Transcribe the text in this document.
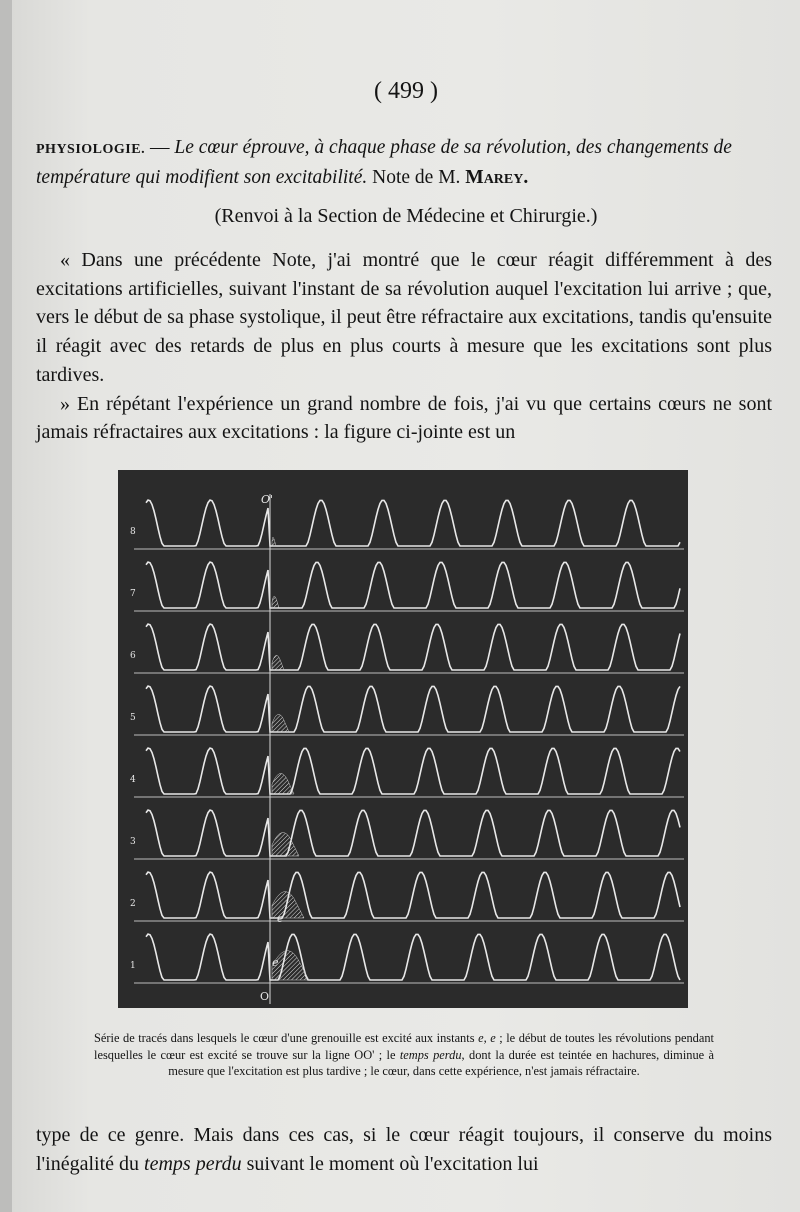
( 499 )
PHYSIOLOGIE. — Le cœur éprouve, à chaque phase de sa révolution, des changements de température qui modifient son excitabilité. Note de M. Marey.
(Renvoi à la Section de Médecine et Chirurgie.)

« Dans une précédente Note, j'ai montré que le cœur réagit différemment à des excitations artificielles, suivant l'instant de sa révolution auquel l'excitation lui arrive ; que, vers le début de sa phase systolique, il peut être réfractaire aux excitations, tandis qu'ensuite il réagit avec des retards de plus en plus courts à mesure que les excitations sont plus tardives.

» En répétant l'expérience un grand nombre de fois, j'ai vu que certains cœurs ne sont jamais réfractaires aux excitations : la figure ci-jointe est un

8
7
6
5
4
3
2
1
O'
O
e
e
Série de tracés dans lesquels le cœur d'une grenouille est excité aux instants e, e ; le début de toutes les révolutions pendant lesquelles le cœur est excité se trouve sur la ligne OO' ; le temps perdu, dont la durée est teintée en hachures, diminue à mesure que l'excitation est plus tardive ; le cœur, dans cette expérience, n'est jamais réfractaire.
type de ce genre. Mais dans ces cas, si le cœur réagit toujours, il conserve du moins l'inégalité du temps perdu suivant le moment où l'excitation lui
